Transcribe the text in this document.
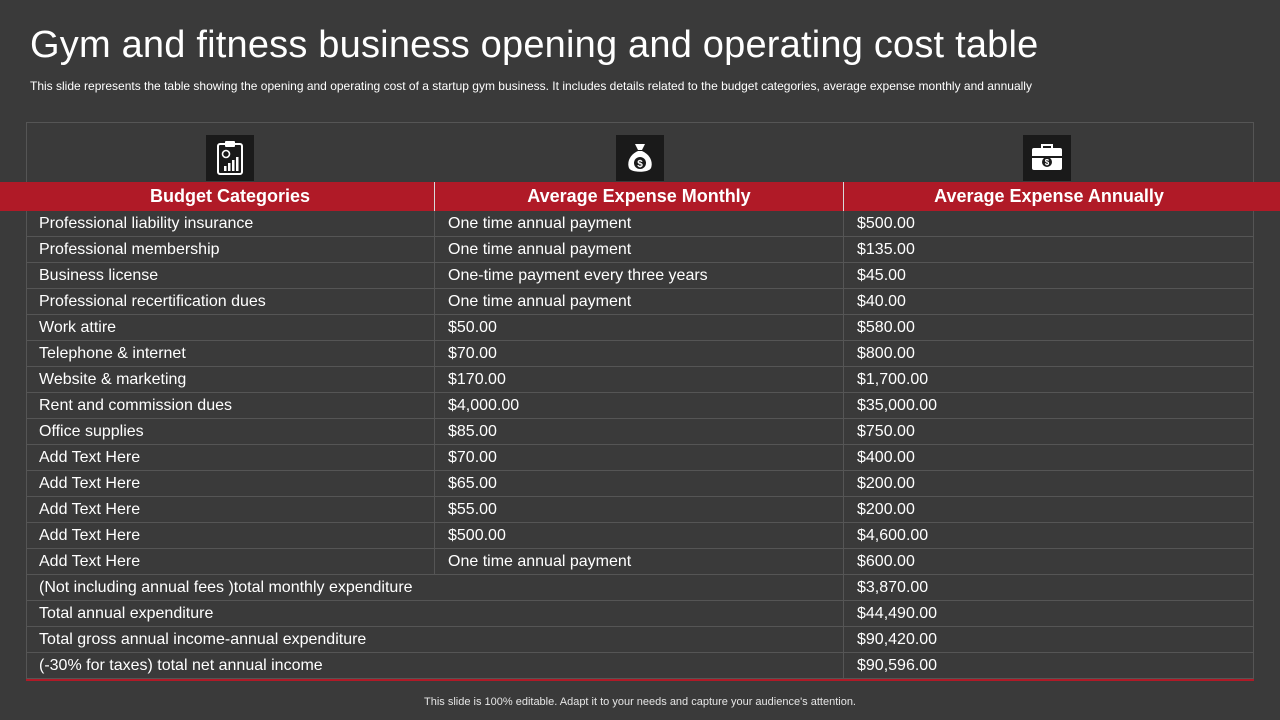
Gym and fitness business opening and operating cost table
This slide represents the table showing the opening and operating cost of a startup gym business. It includes details related to the budget categories, average expense monthly and annually
$	$
Budget Categories	Average Expense Monthly	Average Expense Annually
Professional liability insurance	One time annual payment	$500.00
Professional membership	One time annual payment	$135.00
Business license	One-time payment every three years	$45.00
Professional recertification dues	One time annual payment	$40.00
Work attire	$50.00	$580.00
Telephone & internet	$70.00	$800.00
Website & marketing	$170.00	$1,700.00
Rent and commission dues	$4,000.00	$35,000.00
Office supplies	$85.00	$750.00
Add Text Here	$70.00	$400.00
Add Text Here	$65.00	$200.00
Add Text Here	$55.00	$200.00
Add Text Here	$500.00	$4,600.00
Add Text Here	One time annual payment	$600.00
(Not including annual fees )total monthly expenditure	$3,870.00
Total annual expenditure	$44,490.00
Total gross annual income-annual expenditure	$90,420.00
(-30% for taxes) total net annual income	$90,596.00
This slide is 100% editable. Adapt it to your needs and capture your audience's attention.
